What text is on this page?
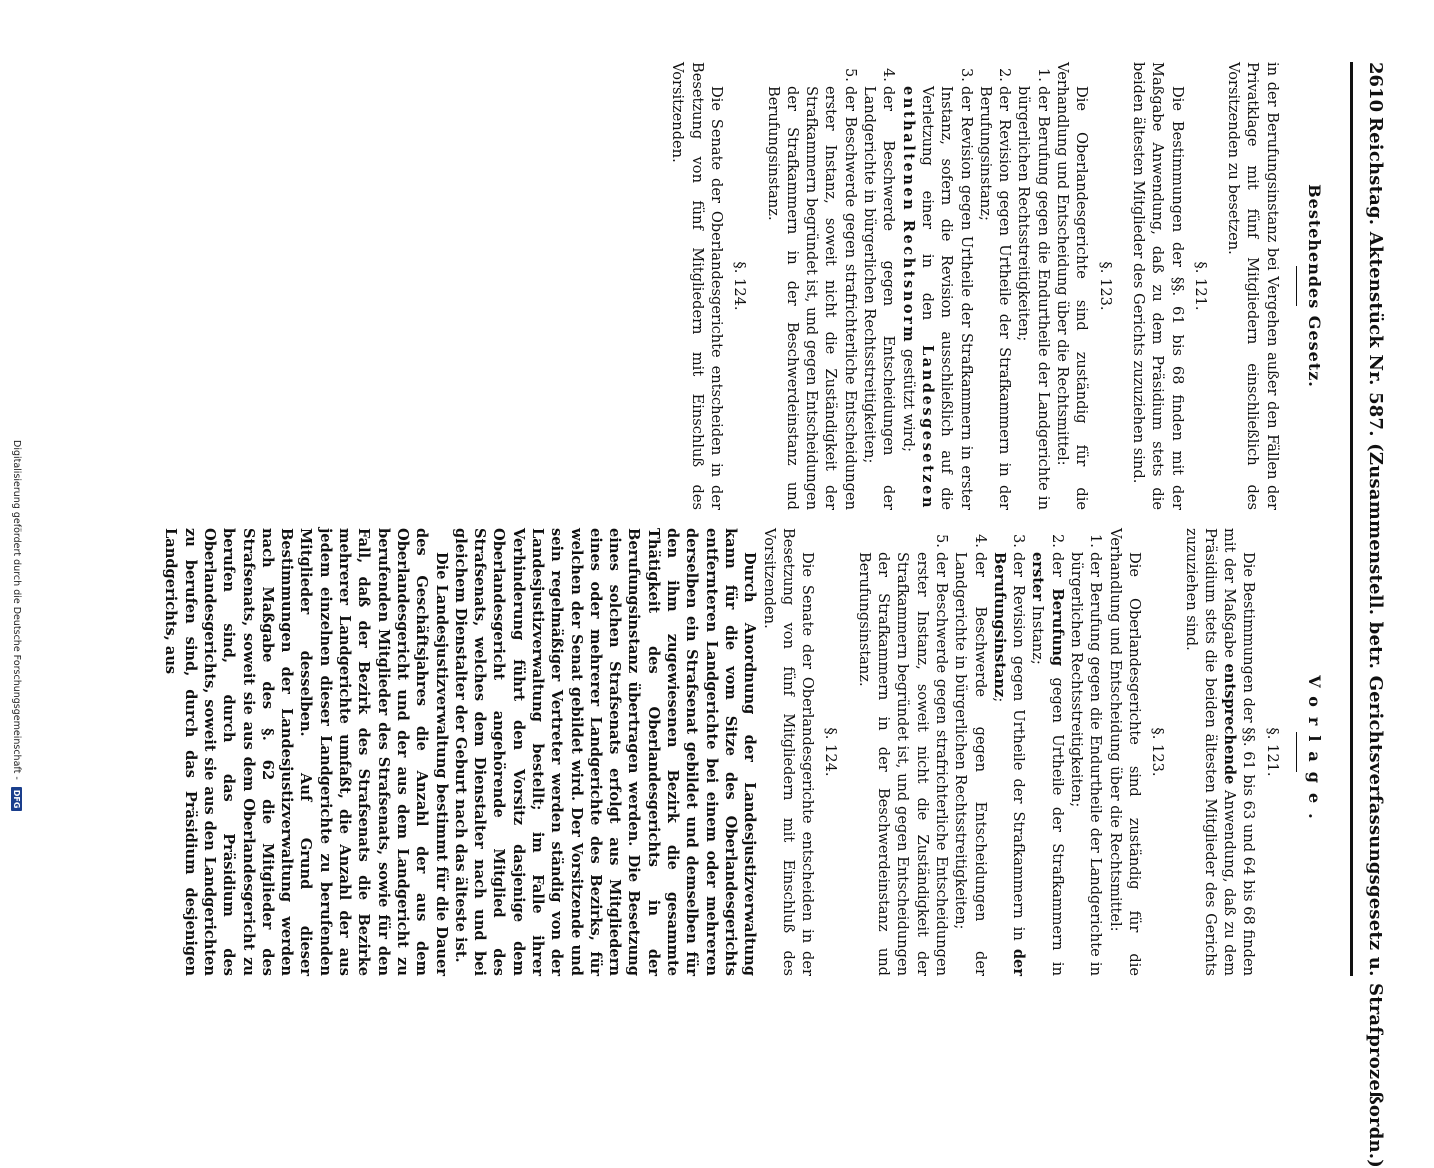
2610
Reichstag. Aktenstück Nr. 587. (Zusammenstell. betr. Gerichtsverfassungsgesetz u. Strafprozeßordn.)
Bestehendes Gesetz.

in der Berufungsinstanz bei Vergehen außer den Fällen der Privatklage mit fünf Mitgliedern einschließlich des Vorsitzenden zu besetzen.

§. 121.

Die Bestimmungen der §§. 61 bis 68 finden mit der Maßgabe Anwendung, daß zu dem Präsidium stets die beiden ältesten Mitglieder des Gerichts zuzuziehen sind.

§. 123.

Die Oberlandesgerichte sind zuständig für die Verhandlung und Entscheidung über die Rechtsmittel:

1.
der Berufung gegen die Endurtheile der Landgerichte in bürgerlichen Rechtsstreitigkeiten;
2.
der Revision gegen Urtheile der Strafkammern in der Berufungsinstanz;
3.
der Revision gegen Urtheile der Strafkammern in erster Instanz, sofern die Revision ausschließlich auf die Verletzung einer in den Landesgesetzen enthaltenen Rechtsnorm gestützt wird;
4.
der Beschwerde gegen Entscheidungen der Landgerichte in bürgerlichen Rechtsstreitigkeiten;
5.
der Beschwerde gegen strafrichterliche Entscheidungen erster Instanz, soweit nicht die Zuständigkeit der Strafkammern begründet ist, und gegen Entscheidungen der Strafkammern in der Beschwerdeinstanz und Berufungsinstanz.
§. 124.

Die Senate der Oberlandesgerichte entscheiden in der Besetzung von fünf Mitgliedern mit Einschluß des Vorsitzenden.

Vorlage.
§. 121.

Die Bestimmungen der §§. 61 bis 63 und 64 bis 68 finden mit der Maßgabe entsprechende Anwendung, daß zu dem Präsidium stets die beiden ältesten Mitglieder des Gerichts zuzuziehen sind.

§. 123.

Die Oberlandesgerichte sind zuständig für die Verhandlung und Entscheidung über die Rechtsmittel:

1.
der Berufung gegen die Endurtheile der Landgerichte in bürgerlichen Rechtsstreitigkeiten;
2.
der Berufung gegen Urtheile der Strafkammern in erster Instanz;
3.
der Revision gegen Urtheile der Strafkammern in der Berufungsinstanz;
4.
der Beschwerde gegen Entscheidungen der Landgerichte in bürgerlichen Rechtsstreitigkeiten;
5.
der Beschwerde gegen strafrichterliche Entscheidungen erster Instanz, soweit nicht die Zuständigkeit der Strafkammern begründet ist, und gegen Entscheidungen der Strafkammern in der Beschwerdeinstanz und Berufungsinstanz.
§. 124.

Die Senate der Oberlandesgerichte entscheiden in der Besetzung von fünf Mitgliedern mit Einschluß des Vorsitzenden.

Durch Anordnung der Landesjustizverwaltung kann für die vom Sitze des Oberlandesgerichts entfernteren Landgerichte bei einem oder mehreren derselben ein Strafsenat gebildet und demselben für den ihm zugewiesenen Bezirk die gesammte Thätigkeit des Oberlandesgerichts in der Berufungsinstanz übertragen werden. Die Besetzung eines solchen Strafsenats erfolgt aus Mitgliedern eines oder mehrerer Landgerichte des Bezirks, für welchen der Senat gebildet wird. Der Vorsitzende und sein regelmäßiger Vertreter werden ständig von der Landesjustizverwaltung bestellt; im Falle ihrer Verhinderung führt den Vorsitz dasjenige dem Oberlandesgericht angehörende Mitglied des Strafsenats, welches dem Dienstalter nach und bei gleichem Dienstalter der Geburt nach das älteste ist.

Die Landesjustizverwaltung bestimmt für die Dauer des Geschäftsjahres die Anzahl der aus dem Oberlandesgericht und der aus dem Landgericht zu berufenden Mitglieder des Strafsenats, sowie für den Fall, daß der Bezirk des Strafsenats die Bezirke mehrerer Landgerichte umfaßt, die Anzahl der aus jedem einzelnen dieser Landgerichte zu berufenden Mitglieder desselben. Auf Grund dieser Bestimmungen der Landesjustizverwaltung werden nach Maßgabe des §. 62 die Mitglieder des Strafsenats, soweit sie aus dem Oberlandesgericht zu berufen sind, durch das Präsidium des Oberlandesgerichts, soweit sie aus den Landgerichten zu berufen sind, durch das Präsidium desjenigen Landgerichts, aus

Digitalisierung gefördert durch die Deutsche Forschungsgemeinschaft - DFG
